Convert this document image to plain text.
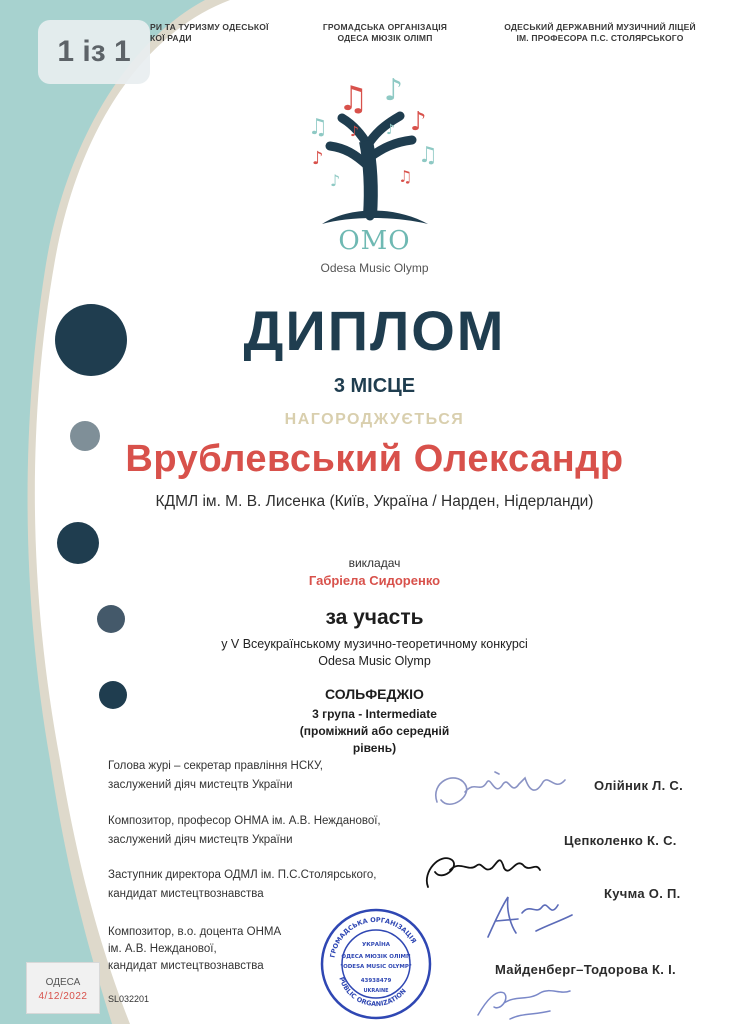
РИ ТА ТУРИЗМУ ОДЕСЬКОЇ
КОЇ РАДИ
ГРОМАДСЬКА ОРГАНІЗАЦІЯ
ОДЕСА МЮЗІК ОЛІМП
ОДЕСЬКИЙ ДЕРЖАВНИЙ МУЗИЧНИЙ ЛІЦЕЙ
ІМ. ПРОФЕСОРА П.С. СТОЛЯРСЬКОГО
1 із 1
♫ ♪
♪
♫
♪	♫
♪	♫
♪ ♪
OMO
Odesa Music Olymp
ДИПЛОМ
3 МІСЦЕ
НАГОРОДЖУЄТЬСЯ
Врублевський Олександр
КДМЛ ім. М. В. Лисенка (Київ, Україна / Нарден, Нідерланди)
викладач
Габріела Сидоренко
за участь
у V Всеукраїнському музично-теоретичному конкурсі
Odesa Music Olymp
СОЛЬФЕДЖІО
3 група - Intermediate
(проміжний або середній
рівень)
Голова журі – секретар правління НСКУ,
заслужений діяч мистецтв України	Олійник Л. С.
Композитор, професор ОНМА ім. А.В. Нежданової,
заслужений діяч мистецтв України	Цепколенко К. С.
Заступник директора ОДМЛ ім. П.С.Столярського,
кандидат мистецтвознавства	Кучма О. П.
Композитор, в.о. доцента ОНМА
ім. А.В. Нежданової,
кандидат мистецтвознавства	Майденберг–Тодорова К. І.
ГРОМАДСЬКА ОРГАНІЗАЦІЯ
PUBLIC ORGANIZATION
УКРАЇНА
ОДЕСА МЮЗІК ОЛІМП
"ODESA MUSIC OLYMP"
43938479
UKRAINE
ОДЕСА
4/12/2022	SL032201
